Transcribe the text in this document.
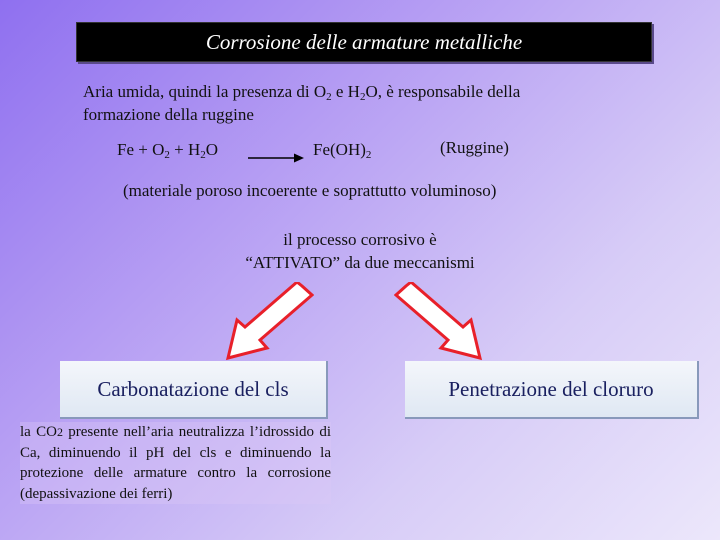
Corrosione delle armature metalliche
Aria umida, quindi la presenza di $O_2$ e $H_2O$, è responsabile della
formazione della ruggine
$Fe + O_2 + H_2O \to Fe(OH)_2$	(Ruggine)
(materiale poroso incoerente e soprattutto voluminoso)
il processo corrosivo è
“ATTIVATO” da due meccanismi
Carbonatazione del cls	Penetrazione del cloruro
la CO2 presente nell’aria neutralizza l’idrossido di Ca, diminuendo il pH del cls e diminuendo la protezione delle armature contro la corrosione (depassivazione dei ferri)
